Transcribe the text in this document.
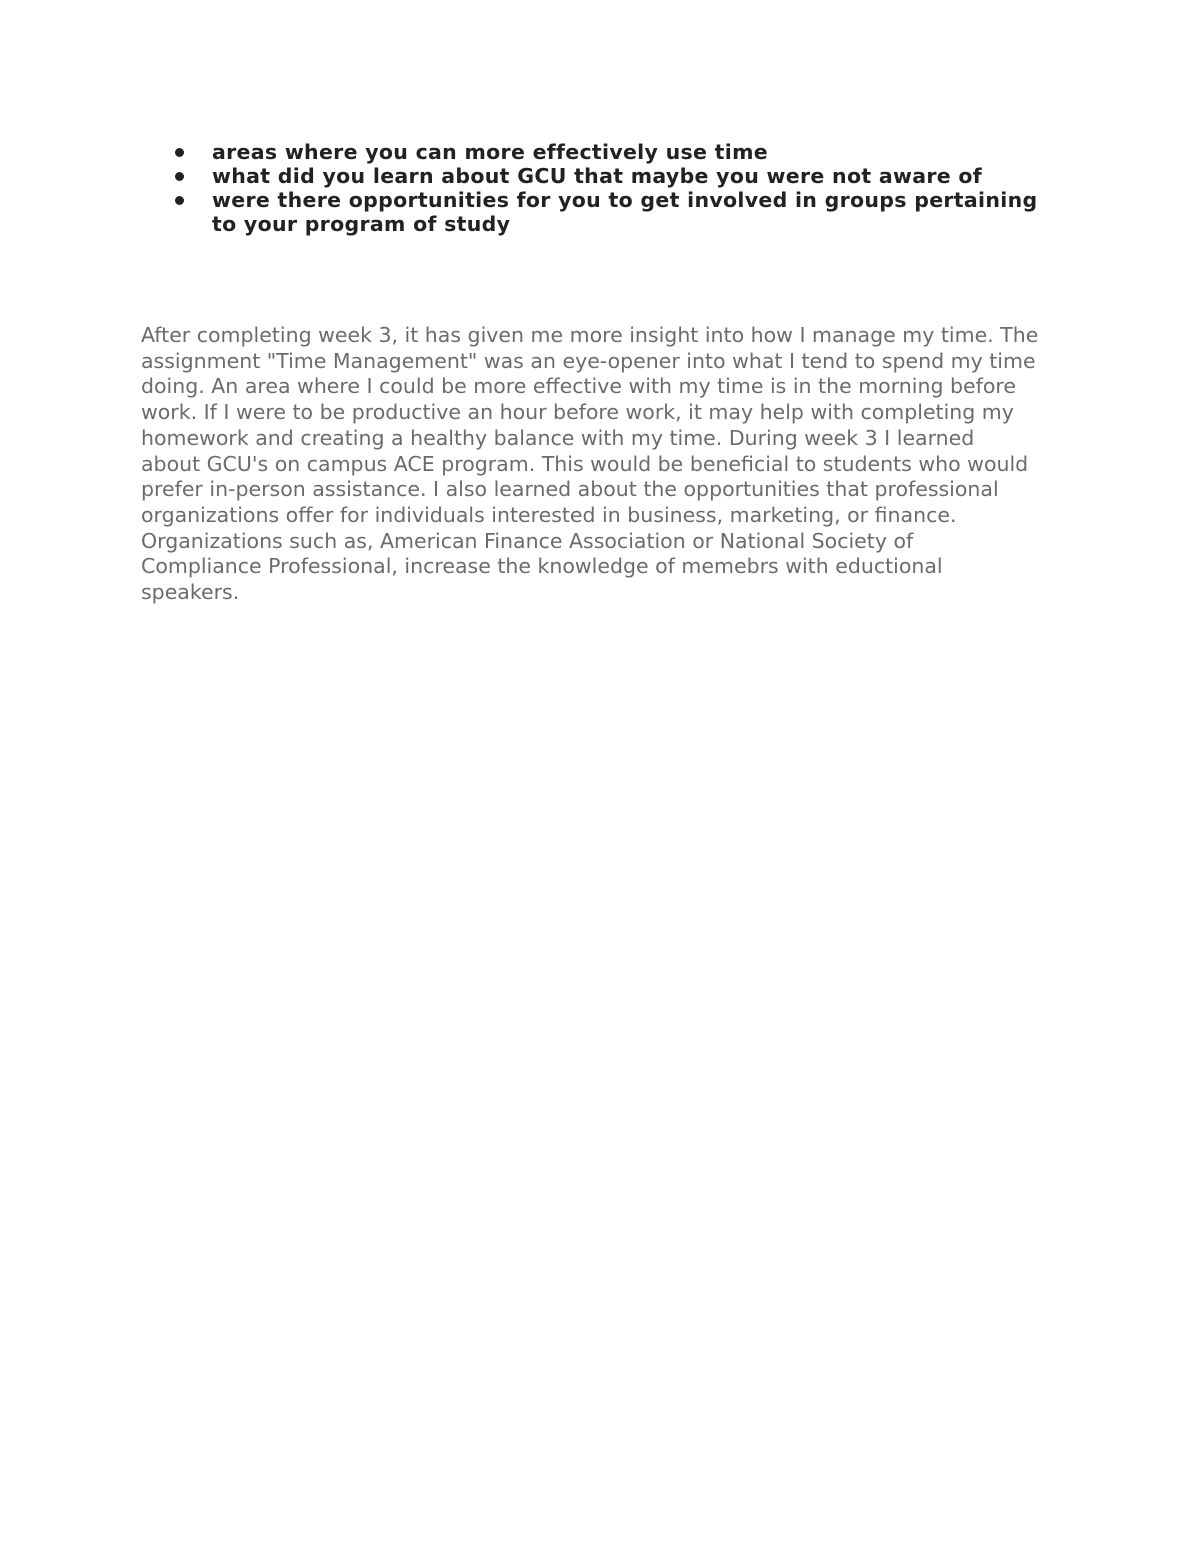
areas where you can more effectively use time
what did you learn about GCU that maybe you were not aware of
were there opportunities for you to get involved in groups pertaining
to your program of study

After completing week 3, it has given me more insight into how I manage my time. The
assignment "Time Management" was an eye-opener into what I tend to spend my time
doing. An area where I could be more effective with my time is in the morning before
work. If I were to be productive an hour before work, it may help with completing my
homework and creating a healthy balance with my time. During week 3 I learned
about GCU's on campus ACE program. This would be beneficial to students who would
prefer in-person assistance. I also learned about the opportunities that professional
organizations offer for individuals interested in business, marketing, or finance.
Organizations such as, American Finance Association or National Society of
Compliance Professional, increase the knowledge of memebrs with eductional
speakers.
